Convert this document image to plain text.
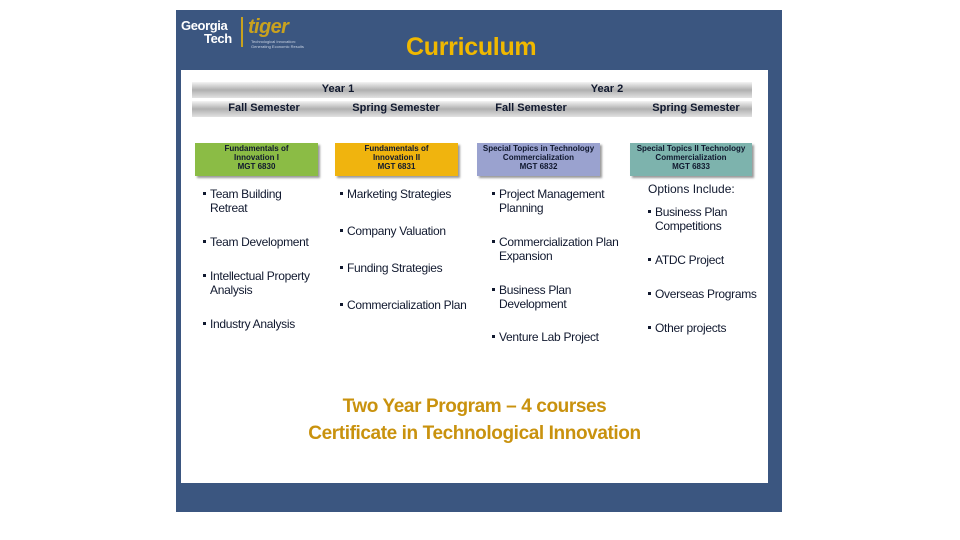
Georgia
Tech
tiger
Technological Innovation: Generating Economic Results	Curriculum
Year 1	Year 2
Fall Semester	Spring Semester	Fall Semester	Spring Semester
Fundamentals of
Innovation I
MGT 6830
Fundamentals of
Innovation II
MGT 6831
Special Topics in Technology
Commercialization
MGT 6832
Special Topics II Technology
Commercialization
MGT 6833
Options Include:
Team Building
Retreat
Team Development
Intellectual Property
Analysis
Industry Analysis
Marketing Strategies
Company Valuation
Funding Strategies
Commercialization Plan
Project Management
Planning
Commercialization Plan
Expansion
Business Plan
Development
Venture Lab Project
Business Plan
Competitions
ATDC Project
Overseas Programs
Other projects
Two Year Program – 4 courses
Certificate in Technological Innovation
